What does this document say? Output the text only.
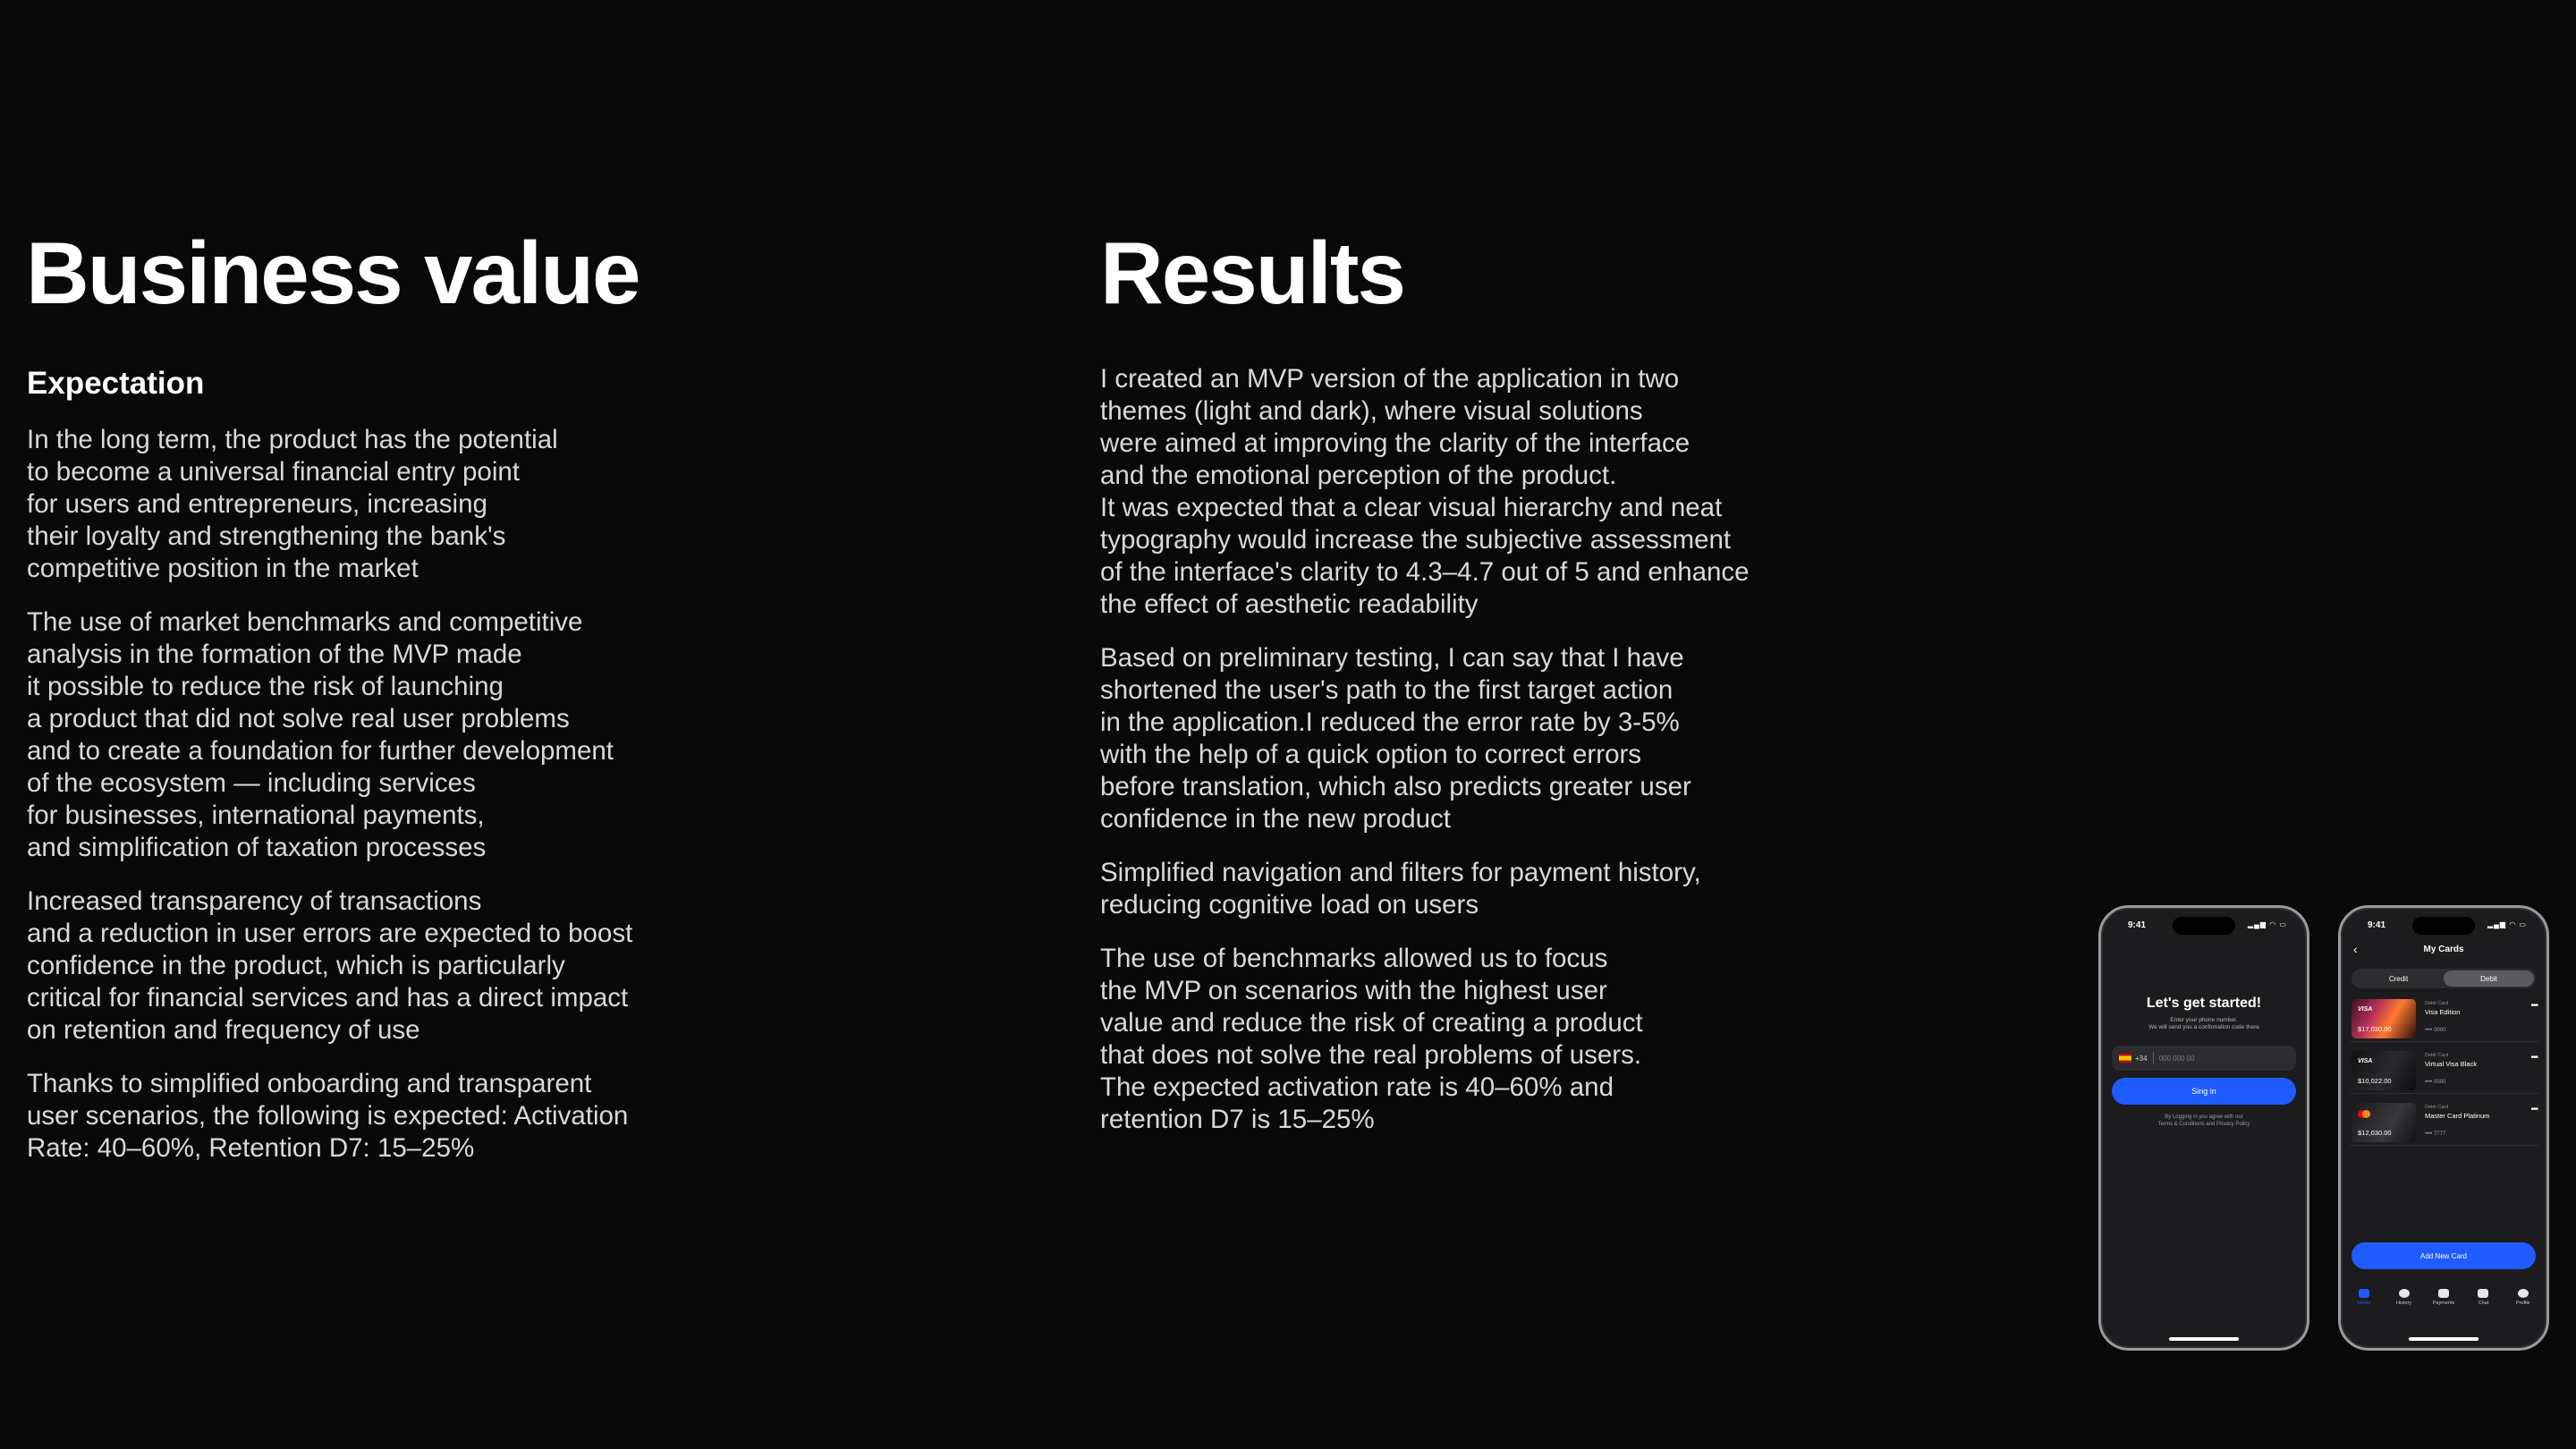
Business value
Expectation

In the long term, the product has the potential
to become a universal financial entry point
for users and entrepreneurs, increasing
their loyalty and strengthening the bank's
competitive position in the market

The use of market benchmarks and competitive
analysis in the formation of the MVP made
it possible to reduce the risk of launching
a product that did not solve real user problems
and to create a foundation for further development
of the ecosystem — including services
for businesses, international payments,
and simplification of taxation processes

Increased transparency of transactions
and a reduction in user errors are expected to boost
confidence in the product, which is particularly
critical for financial services and has a direct impact
on retention and frequency of use

Thanks to simplified onboarding and transparent
user scenarios, the following is expected: Activation
Rate: 40–60%, Retention D7: 15–25%

Results

I created an MVP version of the application in two
themes (light and dark), where visual solutions
were aimed at improving the clarity of the interface
and the emotional perception of the product.
It was expected that a clear visual hierarchy and neat
typography would increase the subjective assessment
of the interface's clarity to 4.3–4.7 out of 5 and enhance
the effect of aesthetic readability

Based on preliminary testing, I can say that I have
shortened the user's path to the first target action
in the application.I reduced the error rate by 3-5%
with the help of a quick option to correct errors
before translation, which also predicts greater user
confidence in the new product

Simplified navigation and filters for payment history,
reducing cognitive load on users

The use of benchmarks allowed us to focus
the MVP on scenarios with the highest user
value and reduce the risk of creating a product
that does not solve the real problems of users.
The expected activation rate is 40–60% and
retention D7 is 15–25%

9:41	▂▄▆ ◠ ▭
Let's get started!
Enter your phone number.
We will send you a confirmation code there
+34 000 000 00
Sing in
By Logging in you agree with our
Terms & Conditions and Privacy Policy
9:41	▂▄▆ ◠ ▭
‹	My Cards
Credit	Debit
VISA
$17,030.00
Debit Card
Visa Edition
•••• 0000
•••
VISA
$10,022.00
Debit Card
Virtual Visa Black
•••• 0000
•••
$12,030.00
Debit Card
Master Card Platinum
•••• 7777
•••
Add New Card
Home	History	Payments	Chat	Profile
